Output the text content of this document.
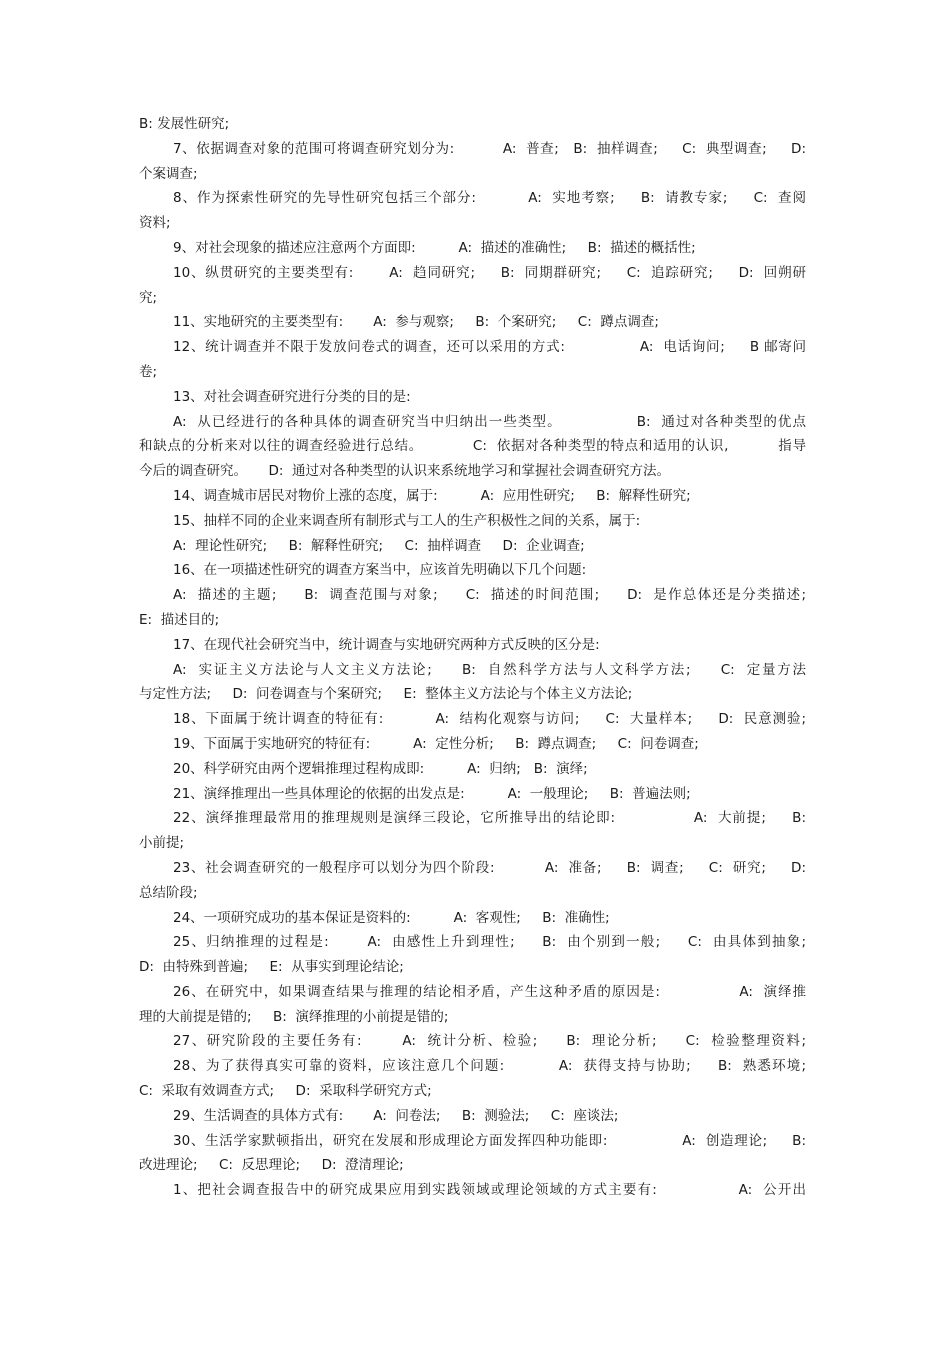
B: 发展性研究;
7、依据调查对象的范围可将调查研究划分为:          A:  普查;   B:  抽样调查;     C:  典型调查;     D:
个案调查;
8、作为探索性研究的先导性研究包括三个部分:          A:  实地考察;     B:  请教专家;     C:  查阅
资料;
9、对社会现象的描述应注意两个方面即:          A:  描述的准确性;     B:  描述的概括性;
10、纵贯研究的主要类型有:       A:  趋同研究;     B:  同期群研究;     C:  追踪研究;     D:  回朔研
究;
11、实地研究的主要类型有:       A:  参与观察;     B:  个案研究;     C:  蹲点调查;
12、统计调查并不限于发放问卷式的调查，还可以采用的方式:               A:  电话询问;     B 邮寄问
卷;
13、对社会调查研究进行分类的目的是:
A:  从已经进行的各种具体的调查研究当中归纳出一些类型。              B:  通过对各种类型的优点
和缺点的分析来对以往的调查经验进行总结。          C:  依据对各种类型的特点和适用的认识,          指导
今后的调查研究。     D:  通过对各种类型的认识来系统地学习和掌握社会调查研究方法。
14、调查城市居民对物价上涨的态度，属于:          A:  应用性研究;     B:  解释性研究;
15、抽样不同的企业来调查所有制形式与工人的生产积极性之间的关系，属于:
A:  理论性研究;     B:  解释性研究;     C:  抽样调查     D:  企业调查;
16、在一项描述性研究的调查方案当中，应该首先明确以下几个问题:
A:  描述的主题;     B:  调查范围与对象;     C:  描述的时间范围;     D:  是作总体还是分类描述;
E:  描述目的;
17、在现代社会研究当中，统计调查与实地研究两种方式反映的区分是:
A:  实证主义方法论与人文主义方法论;     B:  自然科学方法与人文科学方法;     C:  定量方法
与定性方法;     D:  问卷调查与个案研究;     E:  整体主义方法论与个体主义方法论;
18、下面属于统计调查的特征有:          A:  结构化观察与访问;     C:  大量样本;     D:  民意测验;
19、下面属于实地研究的特征有:          A:  定性分析;     B:  蹲点调查;     C:  问卷调查;
20、科学研究由两个逻辑推理过程构成即:          A:  归纳;   B:  演绎;
21、演绎推理出一些具体理论的依据的出发点是:          A:  一般理论;     B:  普遍法则;
22、演绎推理最常用的推理规则是演绎三段论，它所推导出的结论即:               A:  大前提;     B:
小前提;
23、社会调查研究的一般程序可以划分为四个阶段:          A:  准备;     B:  调查;     C:  研究;     D:
总结阶段;
24、一项研究成功的基本保证是资料的:          A:  客观性;     B:  准确性;
25、归纳推理的过程是:       A:  由感性上升到理性;     B:  由个别到一般;     C:  由具体到抽象;
D:  由特殊到普遍;     E:  从事实到理论结论;
26、在研究中，如果调查结果与推理的结论相矛盾，产生这种矛盾的原因是:               A:  演绎推
理的大前提是错的;     B:  演绎推理的小前提是错的;
27、研究阶段的主要任务有:       A:  统计分析、检验;     B:  理论分析;     C:  检验整理资料;
28、为了获得真实可靠的资料，应该注意几个问题:          A:  获得支持与协助;     B:  熟悉环境;
C:  采取有效调查方式;     D:  采取科学研究方式;
29、生活调查的具体方式有:       A:  问卷法;     B:  测验法;     C:  座谈法;
30、生活学家默顿指出，研究在发展和形成理论方面发挥四种功能即:               A:  创造理论;     B:
改进理论;     C:  反思理论;     D:  澄清理论;
1、把社会调查报告中的研究成果应用到实践领域或理论领域的方式主要有:               A:  公开出
